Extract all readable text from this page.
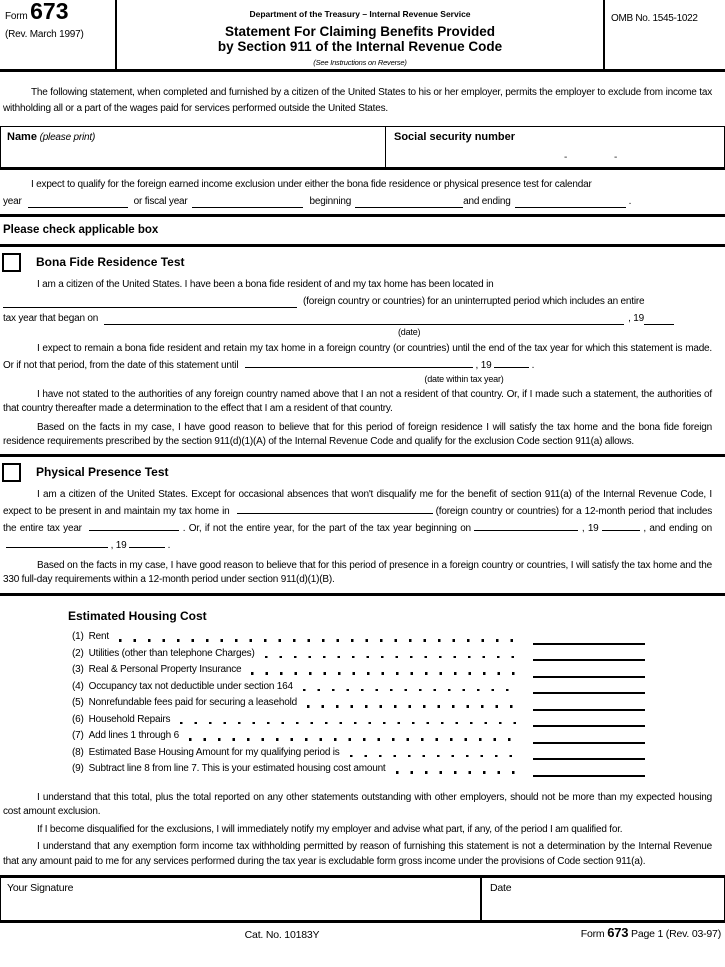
Form 673
(Rev. March 1997)
Department of the Treasury – Internal Revenue Service
Statement For Claiming Benefits Provided
by Section 911 of the Internal Revenue Code
(See Instructions on Reverse)
OMB No. 1545-1022
The following statement, when completed and furnished by a citizen of the United States to his or her employer, permits the employer to exclude from income tax withholding all or a part of the wages paid for services performed outside the United States.
Name (please print)	Social security number
-	-
I expect to qualify for the foreign earned income exclusion under either the bona fide residence or physical presence test for calendar
year	or fiscal year	beginning	and ending	.
Please check applicable box
Bona Fide Residence Test
I am a citizen of the United States. I have been a bona fide resident of and my tax home has been located in
(foreign country or countries) for an uninterrupted period which includes an entire
tax year that began on	, 19
(date)
I expect to remain a bona fide resident and retain my tax home in a foreign country (or countries) until the end of the tax year for which this statement is made. Or if not that period, from the date of this statement until	, 19	.
(date within tax year)
I have not stated to the authorities of any foreign country named above that I an not a resident of that country. Or, if I made such a statement, the authorities of that country thereafter made a determination to the effect that I am a resident of that country.
Based on the facts in my case, I have good reason to believe that for this period of foreign residence I will satisfy the tax home and the bona fide foreign residence requirements prescribed by the section 911(d)(1)(A) of the Internal Revenue Code and qualify for the exclusion Code section 911(a) allows.
Physical Presence Test
I am a citizen of the United States. Except for occasional absences that won't disqualify me for the benefit of section 911(a) of the Internal Revenue Code, I expect to be present in and maintain my tax home in	(foreign country or countries) for a 12-month period that includes the entire tax year	. Or, if not the entire year, for the part of the tax year beginning on	, 19	, and ending on  , 19	.
Based on the facts in my case, I have good reason to believe that for this period of presence in a foreign country or countries, I will satisfy the tax home and the 330 full-day requirements within a 12-month period under section 911(d)(1)(B).
Estimated Housing Cost
(1) Rent
(2) Utilities (other than telephone Charges)
(3) Real & Personal Property Insurance
(4) Occupancy tax not deductible under section 164
(5) Nonrefundable fees paid for securing a leasehold
(6) Household Repairs
(7) Add lines 1 through 6
(8) Estimated Base Housing Amount for my qualifying period is
(9) Subtract line 8 from line 7. This is your estimated housing cost amount
I understand that this total, plus the total reported on any other statements outstanding with other employers, should not be more than my expected housing cost amount exclusion.
If I become disqualified for the exclusions, I will immediately notify my employer and advise what part, if any, of the period I am qualified for.
I understand that any exemption form income tax withholding permitted by reason of furnishing this statement is not a determination by the Internal Revenue that any amount paid to me for any services performed during the tax year is excludable form gross income under the provisions of Code section 911(a).
Your Signature	Date
Cat. No. 10183Y	Form 673 Page 1 (Rev. 03-97)
